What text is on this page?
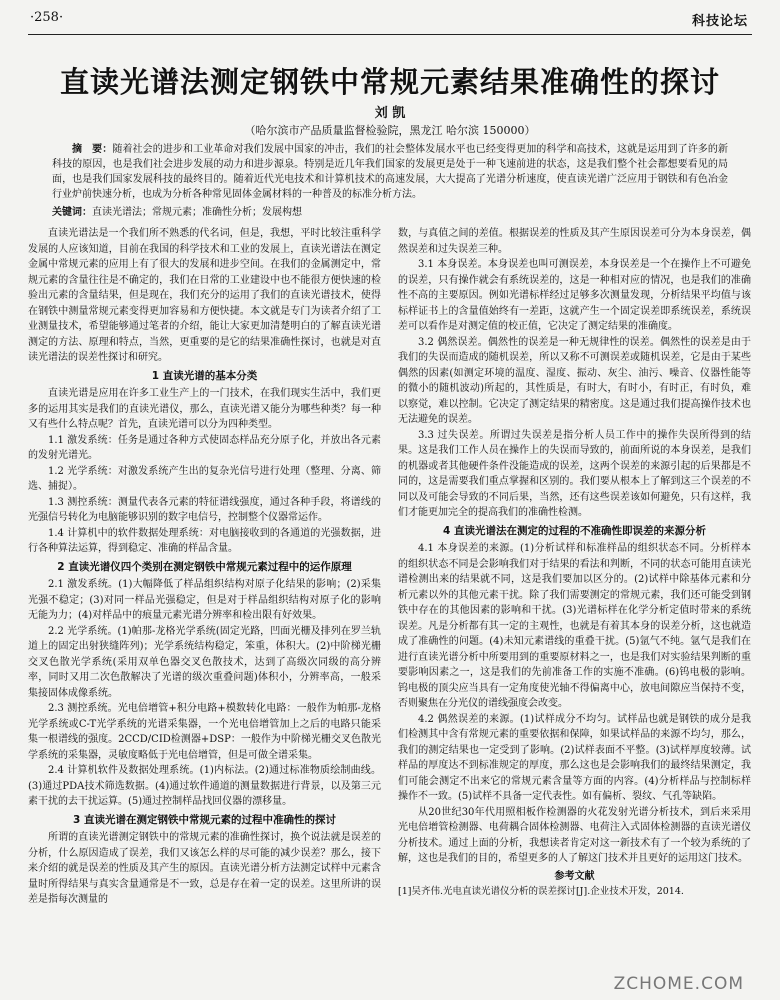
·258·	科技论坛
直读光谱法测定钢铁中常规元素结果准确性的探讨
刘 凯
（哈尔滨市产品质量监督检验院，黑龙江 哈尔滨 150000）
摘　要：随着社会的进步和工业革命对我们发展中国家的冲击，我们的社会整体发展水平也已经变得更加的科学和高技术，这就是运用到了许多的新科技的原因，也是我们社会进步发展的动力和进步源泉。特别是近几年我们国家的发展更是处于一种飞速前进的状态，这是我们整个社会都想要看见的局面，也是我们国家发展科技的最终目的。随着近代光电技术和计算机技术的高速发展，大大提高了光谱分析速度，使直读光谱广泛应用于钢铁和有色冶金行业炉前快速分析，也成为分析各种常见固体金属材料的一种普及的标准分析方法。
关键词：直读光谱法；常规元素；准确性分析；发展构想

直读光谱法是一个我们所不熟悉的代名词，但是，我想，平时比较注重科学发展的人应该知道，目前在我国的科学技术和工业的发展上，直读光谱法在测定金属中常规元素的应用上有了很大的发展和进步空间。在我们的金属测定中，常规元素的含量往往是不确定的，我们在日常的工业建设中也不能很方便快速的检验出元素的含量结果，但是现在，我们充分的运用了我们的直读光谱技术，使得在钢铁中测量常规元素变得更加容易和方便快捷。本文就是专门为读者介绍了工业测量技术，希望能够通过笔者的介绍，能让大家更加清楚明白的了解直读光谱测定的方法、原理和特点，当然，更重要的是它的结果准确性探讨，也就是对直读光谱法的误差性探讨和研究。

1 直读光谱的基本分类

直读光谱是应用在许多工业生产上的一门技术，在我们现实生活中，我们更多的运用其实是我们的直读光谱仪，那么，直读光谱又能分为哪些种类？每一种又有些什么特点呢？首先，直读光谱可以分为四种类型。

1.1 激发系统：任务是通过各种方式使固态样品充分原子化，并放出各元素的发射光谱光。

1.2 光学系统：对激发系统产生出的复杂光信号进行处理（整理、分离、筛选、捕捉）。

1.3 测控系统：测量代表各元素的特征谱线强度，通过各种手段，将谱线的光强信号转化为电脑能够识别的数字电信号，控制整个仪器常运作。

1.4 计算机中的软件数据处理系统：对电脑接收到的各通道的光强数据，进行各种算法运算，得到稳定、准确的样品含量。

2 直读光谱仪四个类别在测定钢铁中常规元素过程中的运作原理

2.1 激发系统。(1)大幅降低了样品组织结构对原子化结果的影响；(2)采集光强不稳定；(3)对同一样品光强稳定，但是对于样品组织结构对原子化的影响无能为力；(4)对样品中的痕量元素光谱分辨率和检出限有好效果。

2.2 光学系统。(1)帕那-龙格光学系统(固定光路，凹面光栅及排列在罗兰轨道上的固定出射狭缝阵列)；光学系统结构稳定，笨重，体积大。(2)中阶梯光栅交叉色散光学系统(采用双单色器交叉色散技术，达到了高级次同级的高分辨率，同时又用二次色散解决了光谱的级次重叠问题)体积小，分辨率高，一般采集接固体成像系统。

2.3 测控系统。光电倍增管+积分电路+模数转化电路：一般作为帕那-龙格光学系统或C-T光学系统的光谱采集器，一个光电倍增管加上之后的电路只能采集一根谱线的强度。2CCD/CID检测器+DSP：一般作为中阶梯光栅交叉色散光学系统的采集器，灵敏度略低于光电倍增管，但是可做全谱采集。

2.4 计算机软件及数据处理系统。(1)内标法。(2)通过标准物质绘制曲线。(3)通过PDA技术筛选数据。(4)通过软件通道的测量数据进行背景，以及第三元素干扰的去干扰运算。(5)通过控制样品找回仪器的漂移量。

3 直读光谱在测定钢铁中常规元素的过程中准确性的探讨

所谓的直读光谱测定钢铁中的常规元素的准确性探讨，换个说法就是误差的分析，什么原因造成了误差，我们又该怎么样的尽可能的减少误差？那么，接下来介绍的就是误差的性质及其产生的原因。直读光谱分析方法测定试样中元素含量时所得结果与真实含量通常是不一致，总是存在着一定的误差。这里所讲的误差是指每次测量的

数，与真值之间的差值。根据误差的性质及其产生原因误差可分为本身误差，偶然误差和过失误差三种。

3.1 本身误差。本身误差也叫可测误差，本身误差是一个在操作上不可避免的误差，只有操作就会有系统误差的，这是一种相对应的情况，也是我们的准确性不高的主要原因。例如光谱标样经过足够多次测量发现，分析结果平均值与该标样证书上的含量值始终有一差距，这就产生一个固定误差即系统误差，系统误差可以看作是对测定值的校正值，它决定了测定结果的准确度。

3.2 偶然误差。偶然性的误差是一种无规律性的误差。偶然性的误差是由于我们的失误而造成的随机误差，所以又称不可测误差或随机误差，它是由于某些偶然的因素(如测定环境的温度、湿度、振动、灰尘、油污、噪音、仪器性能等的微小的随机波动)所起的，其性质是，有时大，有时小，有时正，有时负，难以察觉，难以控制。它决定了测定结果的精密度。这是通过我们提高操作技术也无法避免的误差。

3.3 过失误差。所谓过失误差是指分析人员工作中的操作失误所得到的结果。这是我们工作人员在操作上的失误而导致的，前面所说的本身误差，是我们的机器或者其他硬件条件没能造成的误差，这两个误差的来源引起的后果都是不同的，这是需要我们重点掌握和区别的。我们要从根本上了解到这三个误差的不同以及可能会导致的不同后果，当然，还有这些误差该如何避免，只有这样，我们才能更加完全的提高我们的准确性检测。

4 直读光谱法在测定的过程的不准确性即误差的来源分析

4.1 本身误差的来源。(1)分析试样和标准样品的组织状态不同。分析样本的组织状态不同是会影响我们对于结果的看法和判断，不同的状态可能用直读光谱检测出来的结果就不同，这是我们要加以区分的。(2)试样中除基体元素和分析元素以外的其他元素干扰。除了我们需要测定的常规元素，我们还可能受到钢铁中存在的其他因素的影响和干扰。(3)光谱标样在化学分析定值时带来的系统误差。凡是分析都有其一定的主观性，也就是有着其本身的误差分析，这也就造成了准确性的问题。(4)未知元素谱线的重叠干扰。(5)氩气不纯。氩气是我们在进行直读光谱分析中所要用到的重要原材料之一，也是我们对实验结果判断的重要影响因素之一，这是我们的先前准备工作的实施不准确。(6)钨电极的影响。钨电极的顶尖应当具有一定角度使光轴不得偏离中心，放电间隙应当保持不变，否则聚焦在分光仪的谱线强度会改变。

4.2 偶然误差的来源。(1)试样成分不均匀。试样品也就是钢铁的成分是我们检测其中含有常规元素的重要依据和保障，如果试样品的来源不均匀，那么，我们的测定结果也一定受到了影响。(2)试样表面不平整。(3)试样厚度较薄。试样品的厚度达不到标准规定的厚度，那么这也是会影响我们的最终结果测定，我们可能会测定不出来它的常规元素含量等方面的内容。(4)分析样品与控制标样操作不一致。(5)试样不具备一定代表性。如有偏析、裂纹、气孔等缺陷。

从20世纪30年代用照相板作检测器的火花发射光谱分析技术，到后来采用光电倍增管检测器、电荷耦合固体检测器、电荷注入式固体检测器的直读光谱仪分析技术。通过上面的分析，我想读者肯定对这一新技术有了一个较为系统的了解，这也是我们的目的，希望更多的人了解这门技术并且更好的运用这门技术。

参考文献

[1]吴齐伟.光电直读光谱仪分析的误差探讨[J].企业技术开发，2014.

ZCHOME.COM
